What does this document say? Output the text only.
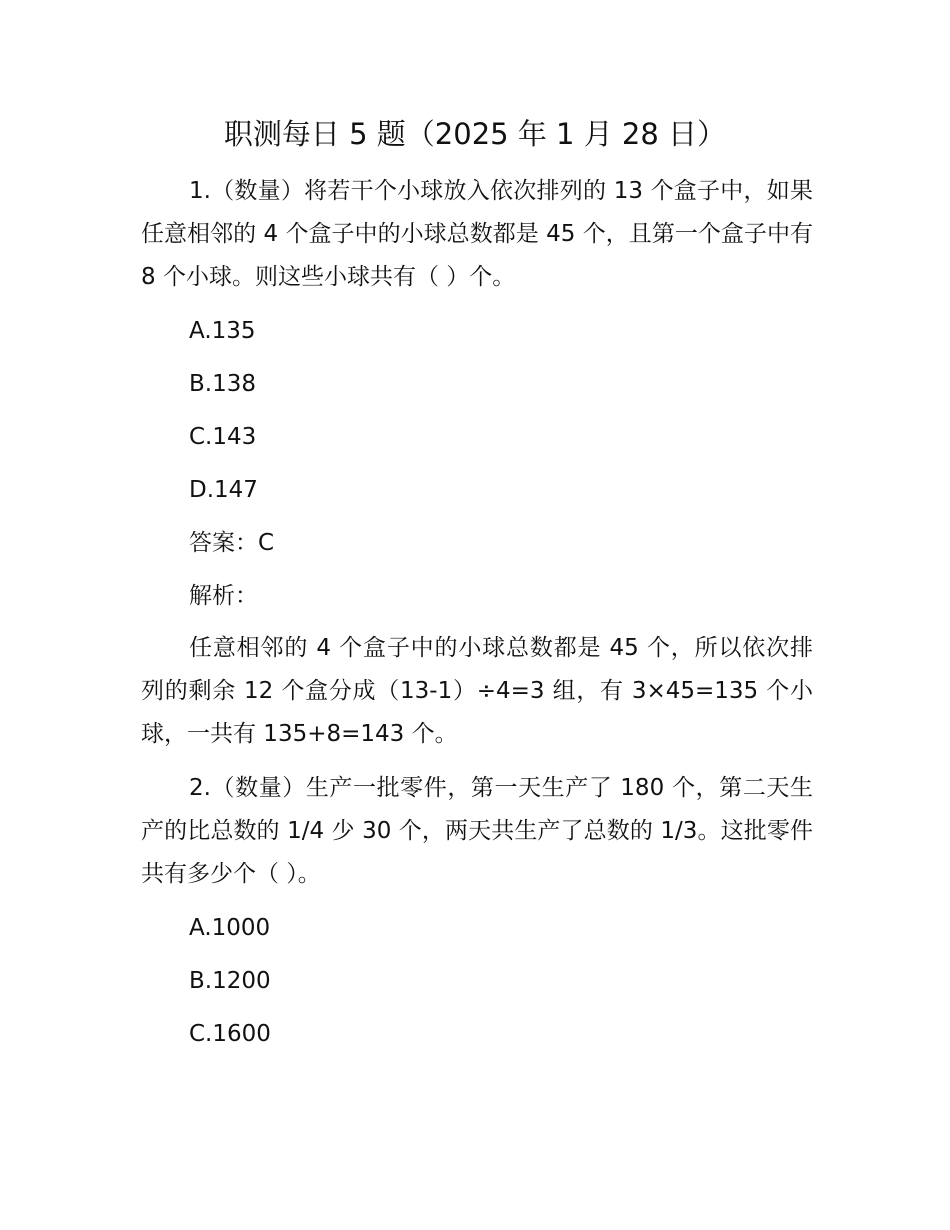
职测每日 5 题（2025 年 1 月 28 日）

1.（数量）将若干个小球放入依次排列的 13 个盒子中，如果任意相邻的 4 个盒子中的小球总数都是 45 个，且第一个盒子中有 8 个小球。则这些小球共有（ ）个。

A.135
B.138
C.143
D.147
答案：C
解析：

任意相邻的 4 个盒子中的小球总数都是 45 个，所以依次排列的剩余 12 个盒分成（13-1）÷4=3 组，有 3×45=135 个小球，一共有 135+8=143 个。

2.（数量）生产一批零件，第一天生产了 180 个，第二天生产的比总数的 1/4 少 30 个，两天共生产了总数的 1/3。这批零件共有多少个（ ）。

A.1000
B.1200
C.1600
